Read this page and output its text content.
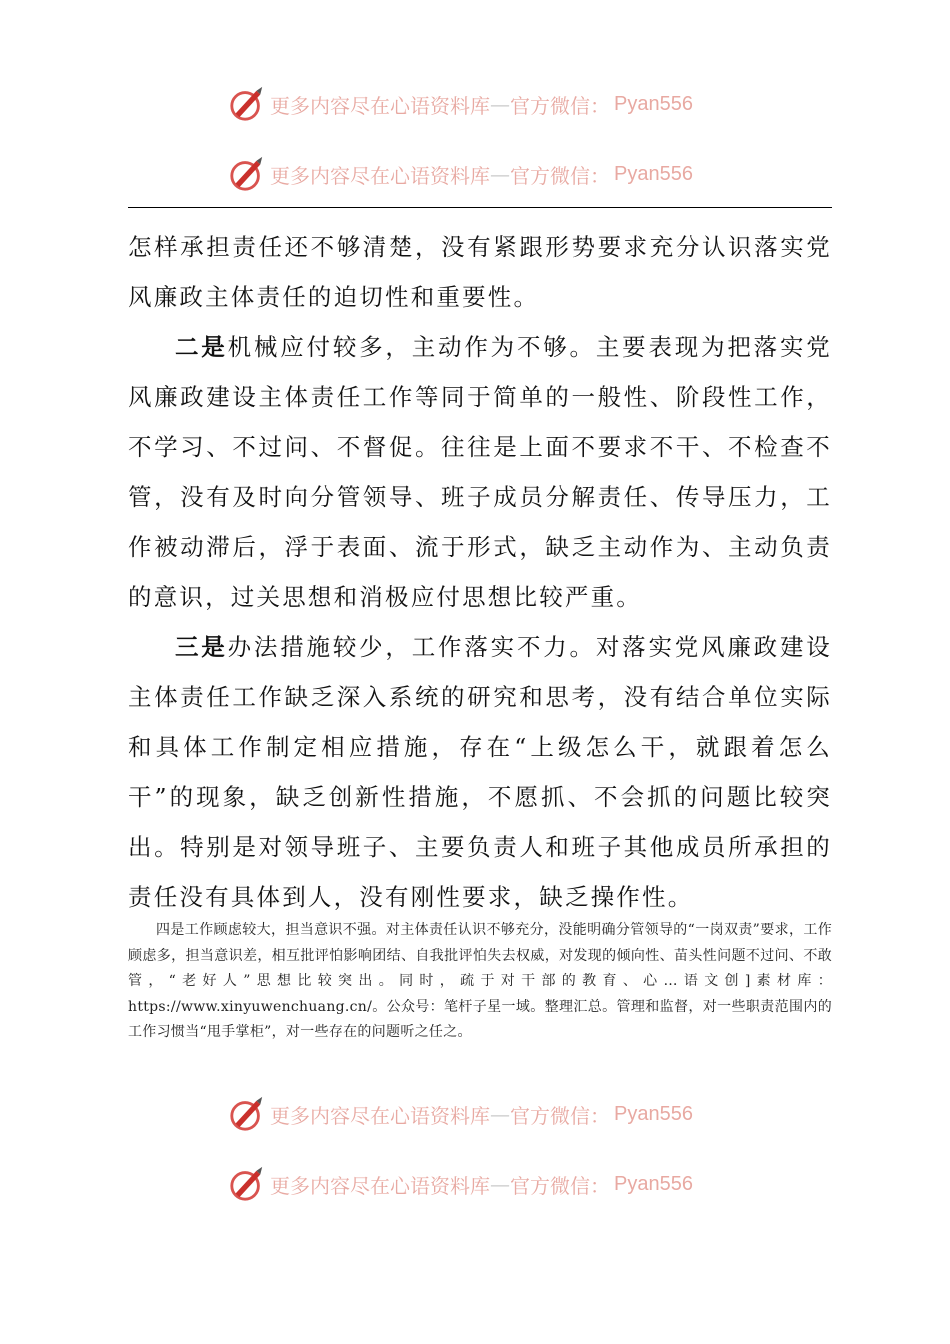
更多内容尽在心语资料库 — 官方微信： Pyan556
更多内容尽在心语资料库 — 官方微信： Pyan556

怎样承担责任还不够清楚，没有紧跟形势要求充分认识落实党风廉政主体责任的迫切性和重要性。

二是机械应付较多，主动作为不够。主要表现为把落实党风廉政建设主体责任工作等同于简单的一般性、阶段性工作，不学习、不过问、不督促。往往是上面不要求不干、不检查不管，没有及时向分管领导、班子成员分解责任、传导压力，工作被动滞后，浮于表面、流于形式，缺乏主动作为、主动负责的意识，过关思想和消极应付思想比较严重。

三是办法措施较少，工作落实不力。对落实党风廉政建设主体责任工作缺乏深入系统的研究和思考，没有结合单位实际和具体工作制定相应措施，存在“上级怎么干，就跟着怎么干”的现象，缺乏创新性措施，不愿抓、不会抓的问题比较突出。特别是对领导班子、主要负责人和班子其他成员所承担的责任没有具体到人，没有刚性要求，缺乏操作性。

四是工作顾虑较大，担当意识不强。对主体责任认识不够充分，没能明确分管领导的“一岗双责”要求，工作顾虑多，担当意识差，相互批评怕影响团结、自我批评怕失去权威，对发现的倾向性、苗头性问题不过问、不敢管，“老好人”思想比较突出。同时，疏于对干部的教育、心…语文创]素材库：https://www.xinyuwenchuang.cn/。公众号：笔杆子星一域。整理汇总。管理和监督，对一些职责范围内的工作习惯当“甩手掌柜”，对一些存在的问题听之任之。

更多内容尽在心语资料库 — 官方微信： Pyan556
更多内容尽在心语资料库 — 官方微信： Pyan556
